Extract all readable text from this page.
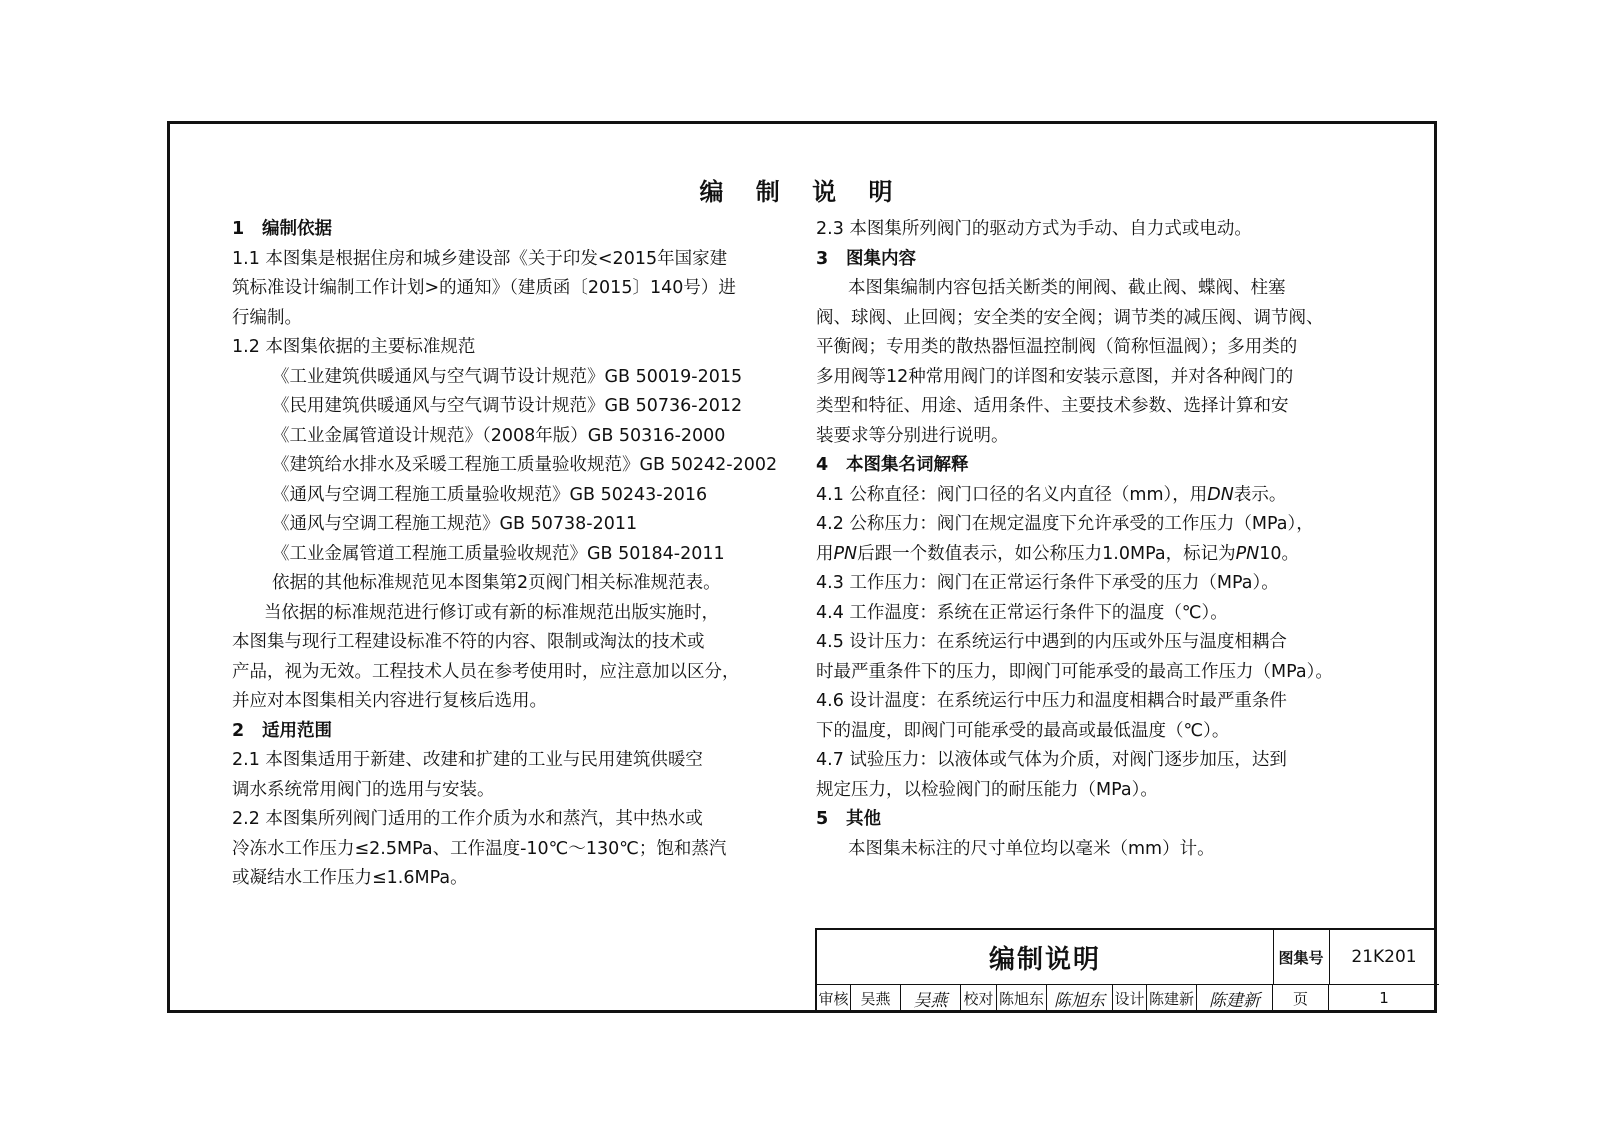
编 制 说 明

1 编制依据

1.1 本图集是根据住房和城乡建设部《关于印发<2015年国家建

筑标准设计编制工作计划>的通知》（建质函〔2015〕140号）进

行编制。

1.2 本图集依据的主要标准规范

《工业建筑供暖通风与空气调节设计规范》GB 50019-2015

《民用建筑供暖通风与空气调节设计规范》GB 50736-2012

《工业金属管道设计规范》（2008年版）GB 50316-2000

《建筑给水排水及采暖工程施工质量验收规范》GB 50242-2002

《通风与空调工程施工质量验收规范》GB 50243-2016

《通风与空调工程施工规范》GB 50738-2011

《工业金属管道工程施工质量验收规范》GB 50184-2011

依据的其他标准规范见本图集第2页阀门相关标准规范表。

当依据的标准规范进行修订或有新的标准规范出版实施时，

本图集与现行工程建设标准不符的内容、限制或淘汰的技术或

产品，视为无效。工程技术人员在参考使用时，应注意加以区分，

并应对本图集相关内容进行复核后选用。

2 适用范围

2.1 本图集适用于新建、改建和扩建的工业与民用建筑供暖空

调水系统常用阀门的选用与安装。

2.2 本图集所列阀门适用的工作介质为水和蒸汽，其中热水或

冷冻水工作压力≤2.5MPa、工作温度-10℃～130℃；饱和蒸汽

或凝结水工作压力≤1.6MPa。

2.3 本图集所列阀门的驱动方式为手动、自力式或电动。

3 图集内容

本图集编制内容包括关断类的闸阀、截止阀、蝶阀、柱塞

阀、球阀、止回阀；安全类的安全阀；调节类的减压阀、调节阀、

平衡阀；专用类的散热器恒温控制阀（简称恒温阀）；多用类的

多用阀等12种常用阀门的详图和安装示意图，并对各种阀门的

类型和特征、用途、适用条件、主要技术参数、选择计算和安

装要求等分别进行说明。

4 本图集名词解释

4.1 公称直径：阀门口径的名义内直径（mm），用DN表示。

4.2 公称压力：阀门在规定温度下允许承受的工作压力（MPa），

用PN后跟一个数值表示，如公称压力1.0MPa，标记为PN10。

4.3 工作压力：阀门在正常运行条件下承受的压力（MPa）。

4.4 工作温度：系统在正常运行条件下的温度（℃）。

4.5 设计压力：在系统运行中遇到的内压或外压与温度相耦合

时最严重条件下的压力，即阀门可能承受的最高工作压力（MPa）。

4.6 设计温度：在系统运行中压力和温度相耦合时最严重条件

下的温度，即阀门可能承受的最高或最低温度（℃）。

4.7 试验压力：以液体或气体为介质，对阀门逐步加压，达到

规定压力，以检验阀门的耐压能力（MPa）。

5 其他

本图集未标注的尺寸单位均以毫米（mm）计。

编制说明	图集号	21K201
审核 吴燕	吴燕	校对 陈旭东 陈旭东 设计 陈建新 陈建新	页	1
